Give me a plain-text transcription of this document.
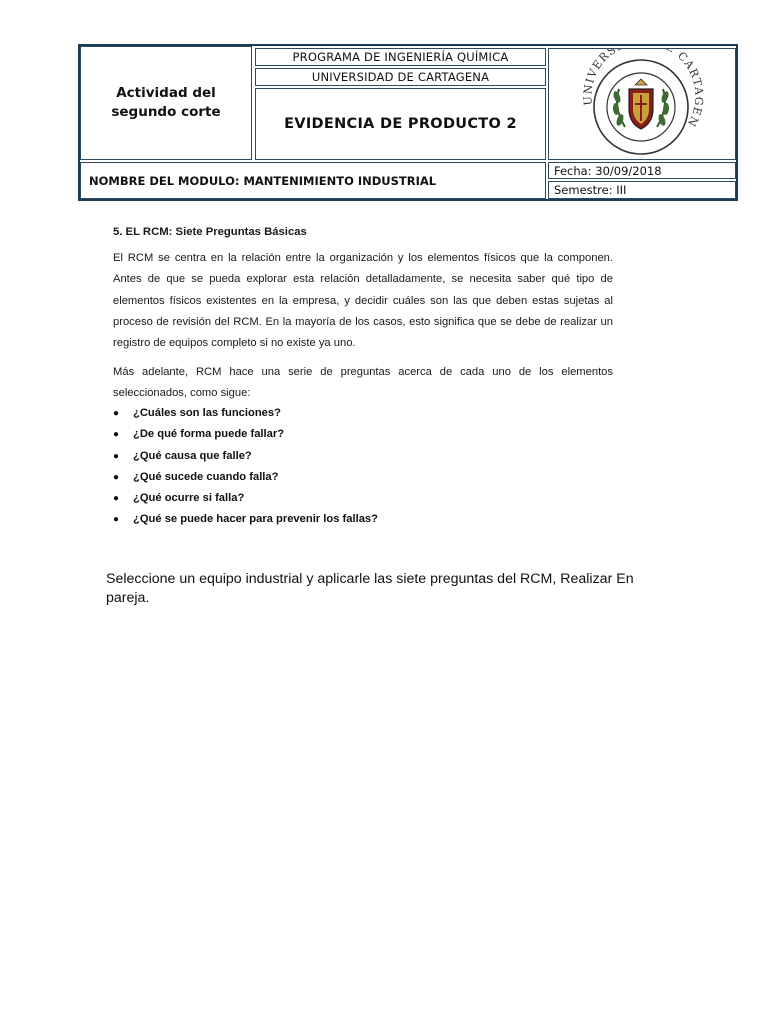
Actividad del
segundo corte
PROGRAMA DE INGENIERÍA QUÍMICA
UNIVERSIDAD DE CARTAGENA
EVIDENCIA DE PRODUCTO 2
UNIVERS CARTAGEN
NOMBRE DEL MODULO: MANTENIMIENTO INDUSTRIAL
Fecha: 30/09/2018
Semestre: III
5. EL RCM: Siete Preguntas Básicas
El RCM se centra en la relación entre la organización y los elementos físicos que la componen. Antes de que se pueda explorar esta relación detalladamente, se necesita saber qué tipo de elementos físicos existentes en la empresa, y decidir cuáles son las que deben estas sujetas al proceso de revisión del RCM. En la mayoría de los casos, esto significa que se debe de realizar un registro de equipos completo si no existe ya uno.
Más adelante, RCM hace una serie de preguntas acerca de cada uno de los elementos seleccionados, como sigue:
●	¿Cuáles son las funciones?
●	¿De qué forma puede fallar?
●	¿Qué causa que falle?
●	¿Qué sucede cuando falla?
●	¿Qué ocurre si falla?
●	¿Qué se puede hacer para prevenir los fallas?
Seleccione un equipo industrial y aplicarle las siete preguntas del RCM, Realizar En pareja.
